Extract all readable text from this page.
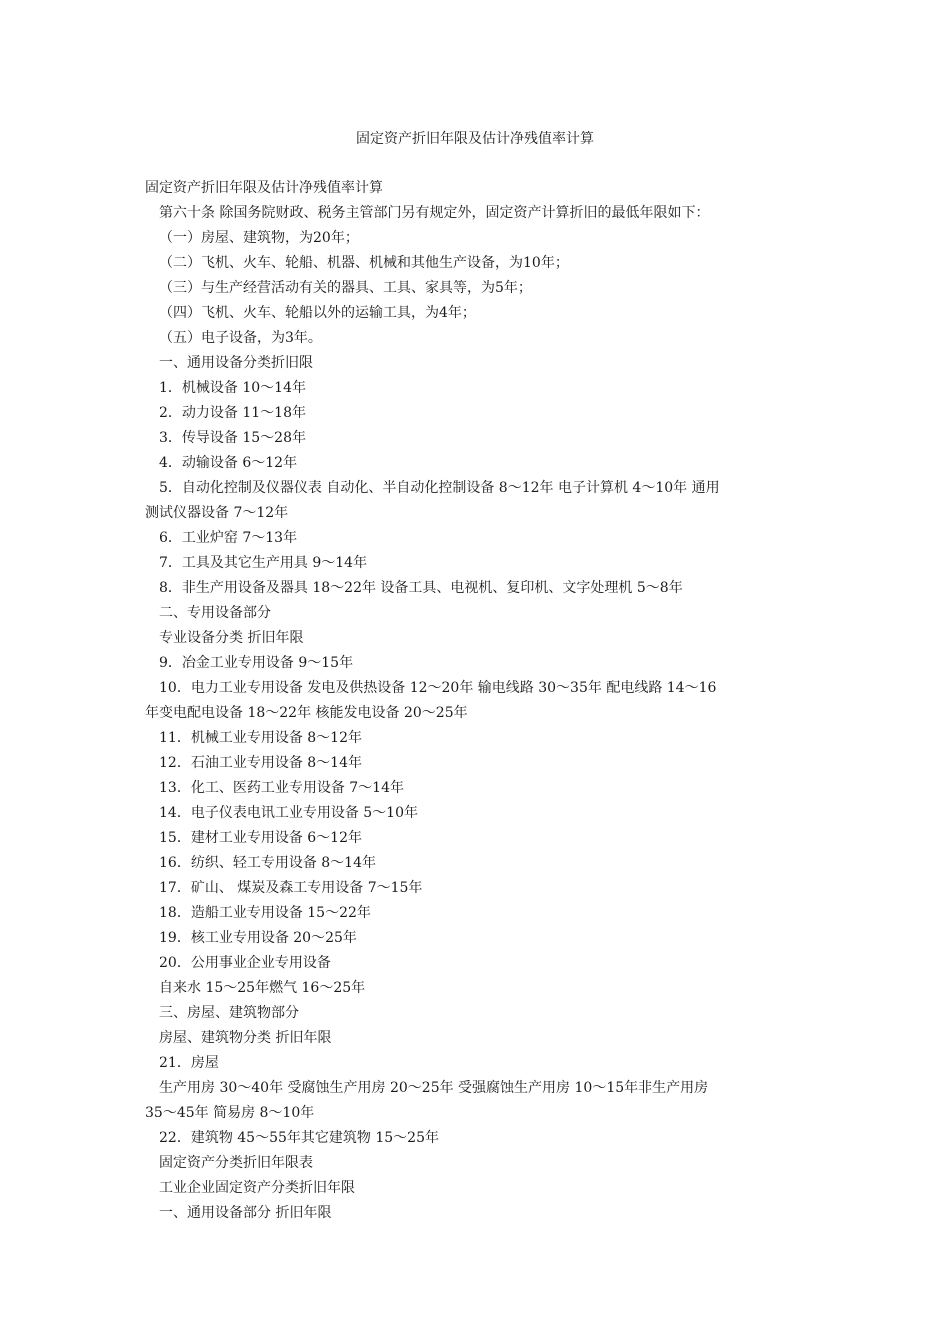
固定资产折旧年限及估计净残值率计算
固定资产折旧年限及估计净残值率计算
第六十条 除国务院财政、税务主管部门另有规定外，固定资产计算折旧的最低年限如下：
（一）房屋、建筑物，为20年；
（二）飞机、火车、轮船、机器、机械和其他生产设备，为10年；
（三）与生产经营活动有关的器具、工具、家具等，为5年；
（四）飞机、火车、轮船以外的运输工具，为4年；
（五）电子设备，为3年。
一、通用设备分类折旧限
1．机械设备 10～14年
2．动力设备 11～18年
3．传导设备 15～28年
4．动输设备 6～12年
5．自动化控制及仪器仪表 自动化、半自动化控制设备 8～12年 电子计算机 4～10年 通用
测试仪器设备 7～12年
6．工业炉窑 7～13年
7．工具及其它生产用具 9～14年
8．非生产用设备及器具 18～22年 设备工具、电视机、复印机、文字处理机 5～8年
二、专用设备部分
专业设备分类 折旧年限
9．冶金工业专用设备 9～15年
10．电力工业专用设备 发电及供热设备 12～20年 输电线路 30～35年 配电线路 14～16
年变电配电设备 18～22年 核能发电设备 20～25年
11．机械工业专用设备 8～12年
12．石油工业专用设备 8～14年
13．化工、医药工业专用设备 7～14年
14．电子仪表电讯工业专用设备 5～10年
15．建材工业专用设备 6～12年
16．纺织、轻工专用设备 8～14年
17．矿山、 煤炭及森工专用设备 7～15年
18．造船工业专用设备 15～22年
19．核工业专用设备 20～25年
20．公用事业企业专用设备
自来水 15～25年燃气 16～25年
三、房屋、建筑物部分
房屋、建筑物分类 折旧年限
21．房屋
生产用房 30～40年 受腐蚀生产用房 20～25年 受强腐蚀生产用房 10～15年非生产用房
35～45年 简易房 8～10年
22．建筑物 45～55年其它建筑物 15～25年
固定资产分类折旧年限表
工业企业固定资产分类折旧年限
一、通用设备部分 折旧年限
